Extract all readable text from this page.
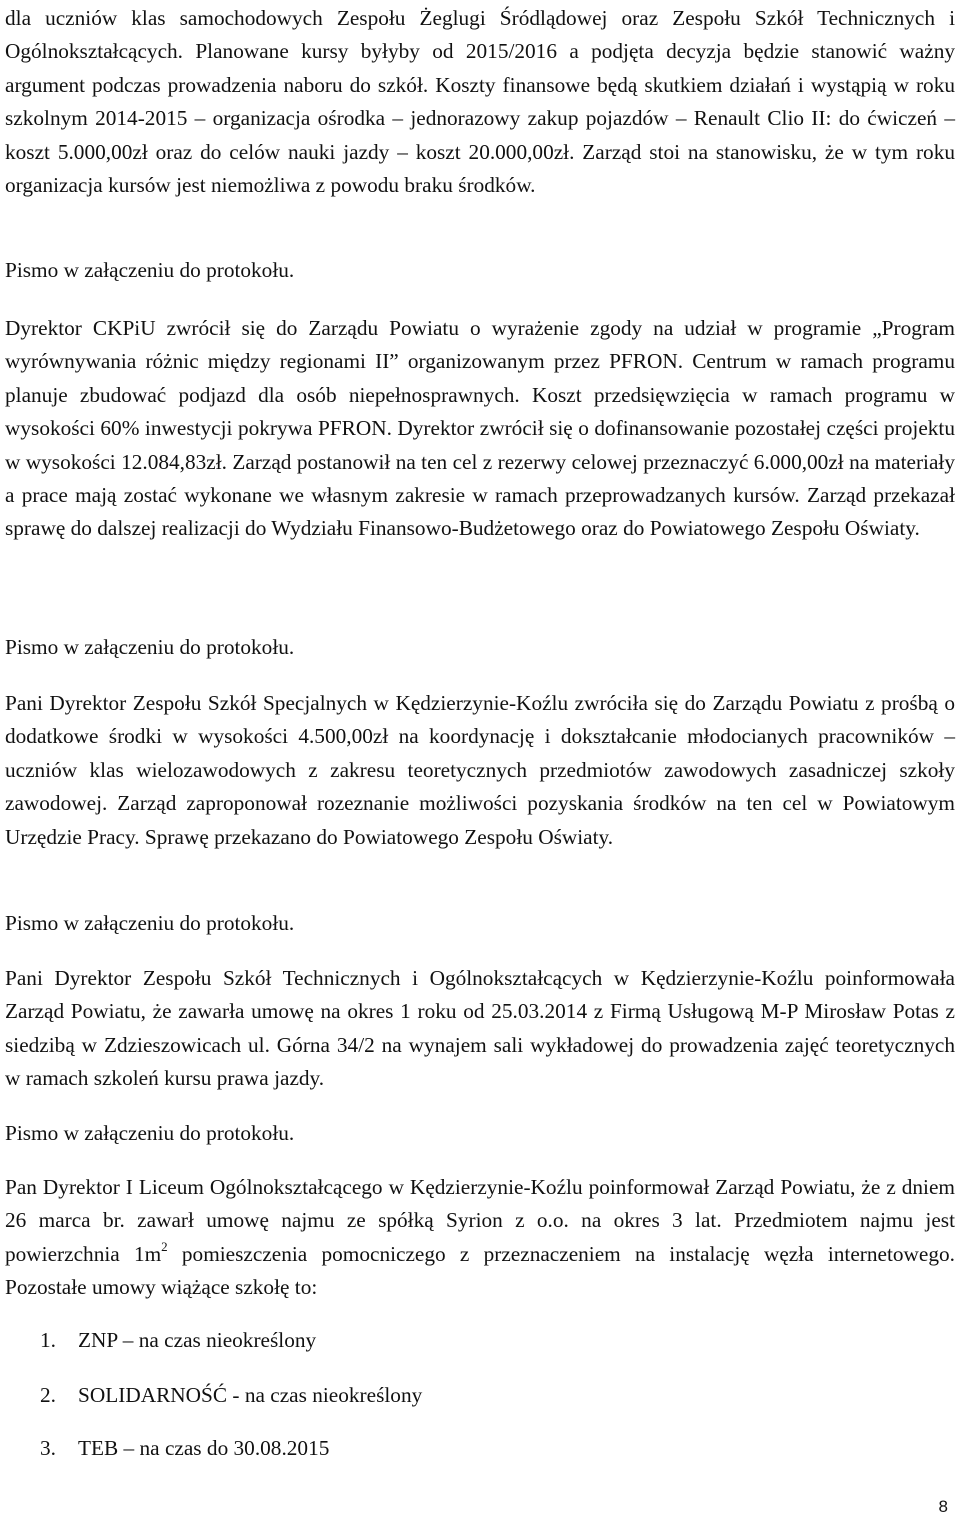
dla uczniów klas samochodowych Zespołu Żeglugi Śródlądowej oraz Zespołu Szkół Technicznych i Ogólnokształcących. Planowane kursy byłyby od 2015/2016 a podjęta decyzja będzie stanowić ważny argument podczas prowadzenia naboru do szkół. Koszty finansowe będą skutkiem działań i wystąpią w roku szkolnym 2014-2015 – organizacja ośrodka – jednorazowy zakup pojazdów – Renault Clio II: do ćwiczeń – koszt 5.000,00zł oraz do celów nauki jazdy – koszt 20.000,00zł. Zarząd stoi na stanowisku, że w tym roku organizacja kursów jest niemożliwa z powodu braku środków.

Pismo w załączeniu do protokołu.

Dyrektor CKPiU zwrócił się do Zarządu Powiatu o wyrażenie zgody na udział w programie „Program wyrównywania różnic między regionami II” organizowanym przez PFRON. Centrum w ramach programu planuje zbudować podjazd dla osób niepełnosprawnych. Koszt przedsięwzięcia w ramach programu w wysokości 60% inwestycji pokrywa PFRON. Dyrektor zwrócił się o dofinansowanie pozostałej części projektu w wysokości 12.084,83zł. Zarząd postanowił na ten cel z rezerwy celowej przeznaczyć 6.000,00zł na materiały a prace mają zostać wykonane we własnym zakresie w ramach przeprowadzanych kursów. Zarząd przekazał sprawę do dalszej realizacji do Wydziału Finansowo-Budżetowego oraz do Powiatowego Zespołu Oświaty.

Pismo w załączeniu do protokołu.

Pani Dyrektor Zespołu Szkół Specjalnych w Kędzierzynie-Koźlu zwróciła się do Zarządu Powiatu z prośbą o dodatkowe środki w wysokości 4.500,00zł na koordynację i dokształcanie młodocianych pracowników – uczniów klas wielozawodowych z zakresu teoretycznych przedmiotów zawodowych zasadniczej szkoły zawodowej. Zarząd zaproponował rozeznanie możliwości pozyskania środków na ten cel w Powiatowym Urzędzie Pracy. Sprawę przekazano do Powiatowego Zespołu Oświaty.

Pismo w załączeniu do protokołu.

Pani Dyrektor Zespołu Szkół Technicznych i Ogólnokształcących w Kędzierzynie-Koźlu poinformowała Zarząd Powiatu, że zawarła umowę na okres 1 roku od 25.03.2014 z Firmą Usługową M-P Mirosław Potas z siedzibą w Zdzieszowicach ul. Górna 34/2 na wynajem sali wykładowej do prowadzenia zajęć teoretycznych w ramach szkoleń kursu prawa jazdy.

Pismo w załączeniu do protokołu.

Pan Dyrektor I Liceum Ogólnokształcącego w Kędzierzynie-Koźlu poinformował Zarząd Powiatu, że z dniem 26 marca br. zawarł umowę najmu ze spółką Syrion z o.o. na okres 3 lat. Przedmiotem najmu jest powierzchnia $1m^2$ pomieszczenia pomocniczego z przeznaczeniem na instalację węzła internetowego. Pozostałe umowy wiążące szkołę to:

1. ZNP – na czas nieokreślony

2. SOLIDARNOŚĆ - na czas nieokreślony

3. TEB – na czas do 30.08.2015

8
